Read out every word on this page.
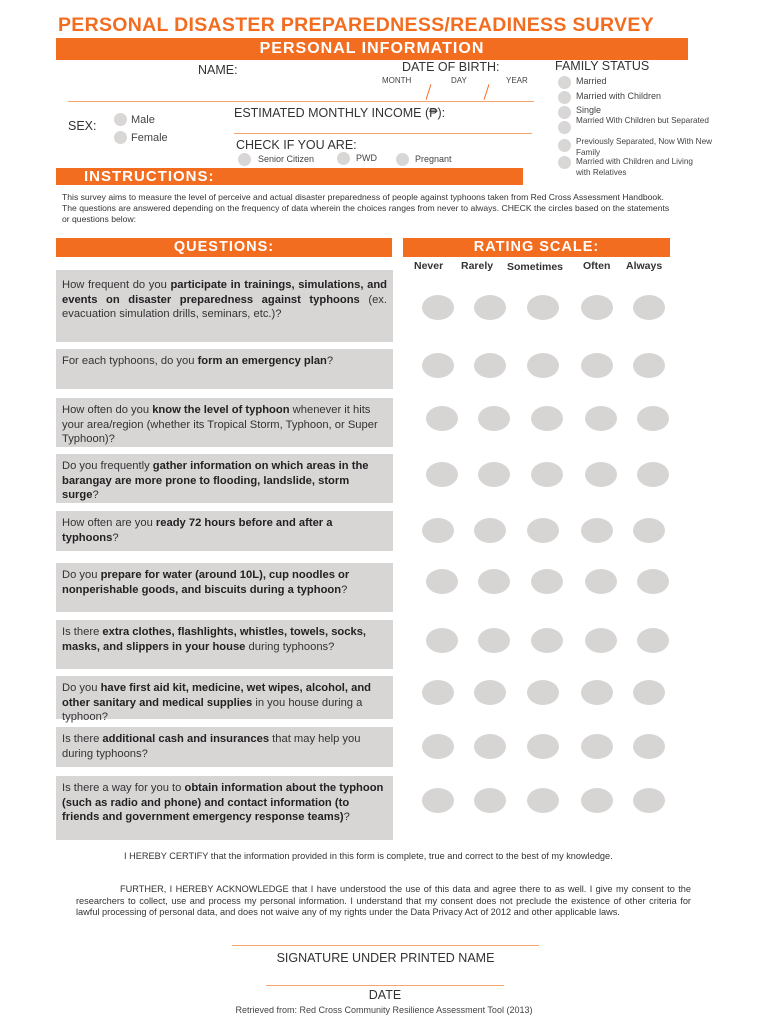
PERSONAL DISASTER PREPAREDNESS/READINESS SURVEY
PERSONAL INFORMATION
NAME:	DATE OF BIRTH:
MONTH	DAY	YEAR
SEX:	Male
Female
ESTIMATED MONTHLY INCOME (₱):
CHECK IF YOU ARE:
Senior Citizen	PWD	Pregnant
FAMILY STATUS
Married
Married with Children
Single
Married With Children but Separated
Previously Separated, Now With New Family
Married with Children and Living with Relatives
INSTRUCTIONS:
This survey aims to measure the level of perceive and actual disaster preparedness of people against typhoons taken from Red Cross Assessment Handbook. The questions are answered depending on the frequency of data wherein the choices ranges from never to always. CHECK the circles based on the statements or questions below:
QUESTIONS:	RATING SCALE:
Never Rarely Sometimes Often Always
How frequent do you participate in trainings, simulations, and events on disaster preparedness against typhoons (ex. evacuation simulation drills, seminars, etc.)?
For each typhoons, do you form an emergency plan?
How often do you know the level of typhoon whenever it hits your area/region (whether its Tropical Storm, Typhoon, or Super Typhoon)?
Do you frequently gather information on which areas in the barangay are more prone to flooding, landslide, storm surge?
How often are you ready 72 hours before and after a typhoons?
Do you prepare for water (around 10L), cup noodles or nonperishable goods, and biscuits during a typhoon?
Is there extra clothes, flashlights, whistles, towels, socks, masks, and slippers in your house during typhoons?
Do you have first aid kit, medicine, wet wipes, alcohol, and other sanitary and medical supplies in you house during a typhoon?
Is there additional cash and insurances that may help you during typhoons?
Is there a way for you to obtain information about the typhoon (such as radio and phone) and contact information (to friends and government emergency response teams)?
I HEREBY CERTIFY that the information provided in this form is complete, true and correct to the best of my knowledge.
FURTHER, I HEREBY ACKNOWLEDGE that I have understood the use of this data and agree there to as well. I give my consent to the researchers to collect, use and process my personal information. I understand that my consent does not preclude the existence of other criteria for lawful processing of personal data, and does not waive any of my rights under the Data Privacy Act of 2012 and other applicable laws.
SIGNATURE UNDER PRINTED NAME
DATE
Retrieved from: Red Cross Community Resilience Assessment Tool (2013)
